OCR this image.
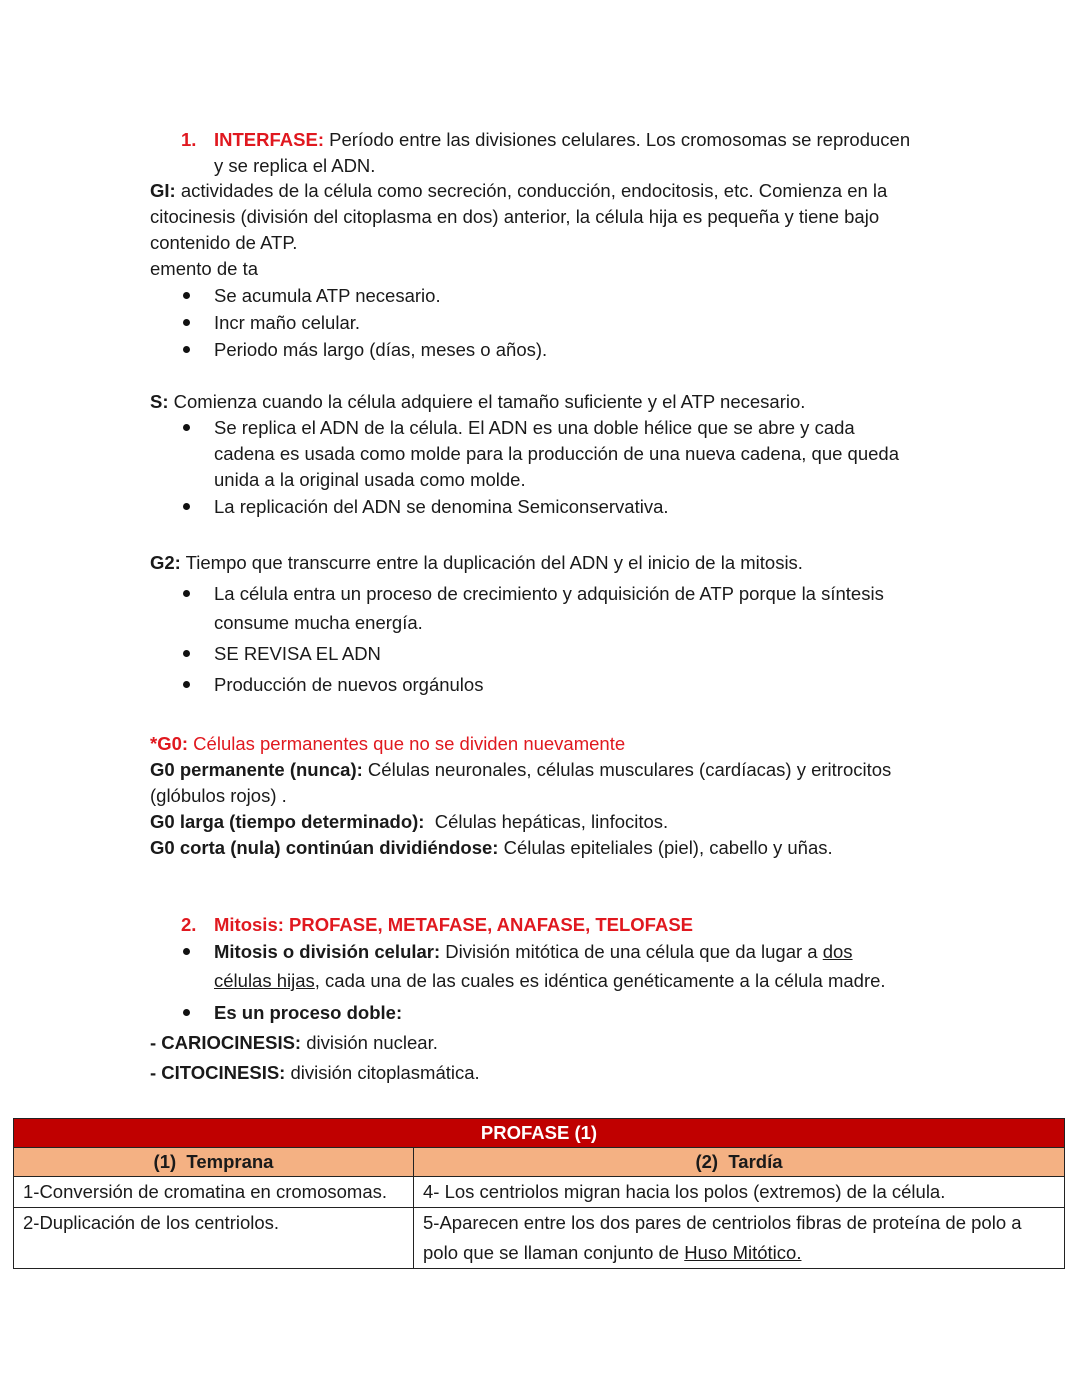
1. INTERFASE: Período entre las divisiones celulares. Los cromosomas se reproducen
y se replica el ADN.
GI: actividades de la célula como secreción, conducción, endocitosis, etc. Comienza en la
citocinesis (división del citoplasma en dos) anterior, la célula hija es pequeña y tiene bajo
contenido de ATP.
emento de ta
Se acumula ATP necesario.
Incr maño celular.
Periodo más largo (días, meses o años).
S: Comienza cuando la célula adquiere el tamaño suficiente y el ATP necesario.
Se replica el ADN de la célula. El ADN es una doble hélice que se abre y cada
cadena es usada como molde para la producción de una nueva cadena, que queda
unida a la original usada como molde.
La replicación del ADN se denomina Semiconservativa.
G2: Tiempo que transcurre entre la duplicación del ADN y el inicio de la mitosis.
La célula entra un proceso de crecimiento y adquisición de ATP porque la síntesis
consume mucha energía.
SE REVISA EL ADN
Producción de nuevos orgánulos
*G0: Células permanentes que no se dividen nuevamente
G0 permanente (nunca): Células neuronales, células musculares (cardíacas) y eritrocitos
(glóbulos rojos) .
G0 larga (tiempo determinado):  Células hepáticas, linfocitos.
G0 corta (nula) continúan dividiéndose: Células epiteliales (piel), cabello y uñas.
2. Mitosis: PROFASE, METAFASE, ANAFASE, TELOFASE
Mitosis o división celular: División mitótica de una célula que da lugar a dos
células hijas, cada una de las cuales es idéntica genéticamente a la célula madre.
Es un proceso doble:
- CARIOCINESIS: división nuclear.
- CITOCINESIS: división citoplasmática.
PROFASE (1)	
(1)  Temprana	(2)  Tardía
1-Conversión de cromatina en cromosomas.	4- Los centriolos migran hacia los polos (extremos) de la célula.
2-Duplicación de los centriolos.	5-Aparecen entre los dos pares de centriolos fibras de proteína de polo a
polo que se llaman conjunto de Huso Mitótico.
